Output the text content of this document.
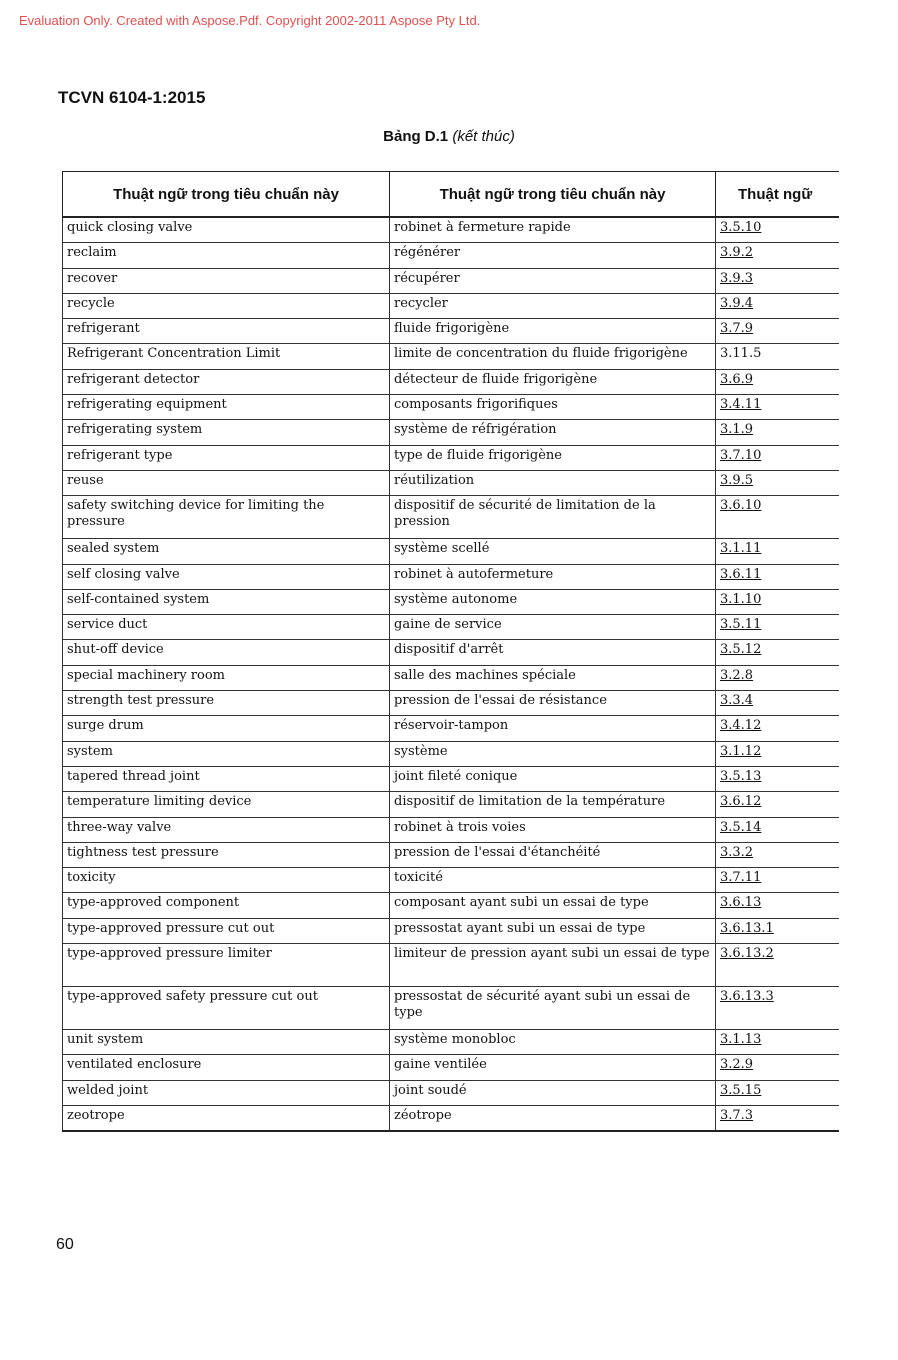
Evaluation Only. Created with Aspose.Pdf. Copyright 2002-2011 Aspose Pty Ltd.
TCVN 6104-1:2015
Bảng D.1 (kết thúc)
Thuật ngữ trong tiêu chuẩn này	Thuật ngữ trong tiêu chuẩn này	Thuật ngữ
quick closing valve	robinet à fermeture rapide	3.5.10
reclaim	régénérer	3.9.2
recover	récupérer	3.9.3
recycle	recycler	3.9.4
refrigerant	fluide frigorigène	3.7.9
Refrigerant Concentration Limit	limite de concentration du fluide frigorigène	3.11.5
refrigerant detector	détecteur de fluide frigorigène	3.6.9
refrigerating equipment	composants frigorifiques	3.4.11
refrigerating system	système de réfrigération	3.1.9
refrigerant type	type de fluide frigorigène	3.7.10
reuse	réutilization	3.9.5
safety switching device for limiting the pressure	dispositif de sécurité de limitation de la pression	3.6.10
sealed system	système scellé	3.1.11
self closing valve	robinet à autofermeture	3.6.11
self-contained system	système autonome	3.1.10
service duct	gaine de service	3.5.11
shut-off device	dispositif d'arrêt	3.5.12
special machinery room	salle des machines spéciale	3.2.8
strength test pressure	pression de l'essai de résistance	3.3.4
surge drum	réservoir-tampon	3.4.12
system	système	3.1.12
tapered thread joint	joint fileté conique	3.5.13
temperature limiting device	dispositif de limitation de la température	3.6.12
three-way valve	robinet à trois voies	3.5.14
tightness test pressure	pression de l'essai d'étanchéité	3.3.2
toxicity	toxicité	3.7.11
type-approved component	composant ayant subi un essai de type	3.6.13
type-approved pressure cut out	pressostat ayant subi un essai de type	3.6.13.1
type-approved pressure limiter	limiteur de pression ayant subi un essai de type	3.6.13.2
type-approved safety pressure cut out	pressostat de sécurité ayant subi un essai de type	3.6.13.3
unit system	système monobloc	3.1.13
ventilated enclosure	gaine ventilée	3.2.9
welded joint	joint soudé	3.5.15
zeotrope	zéotrope	3.7.3
60
